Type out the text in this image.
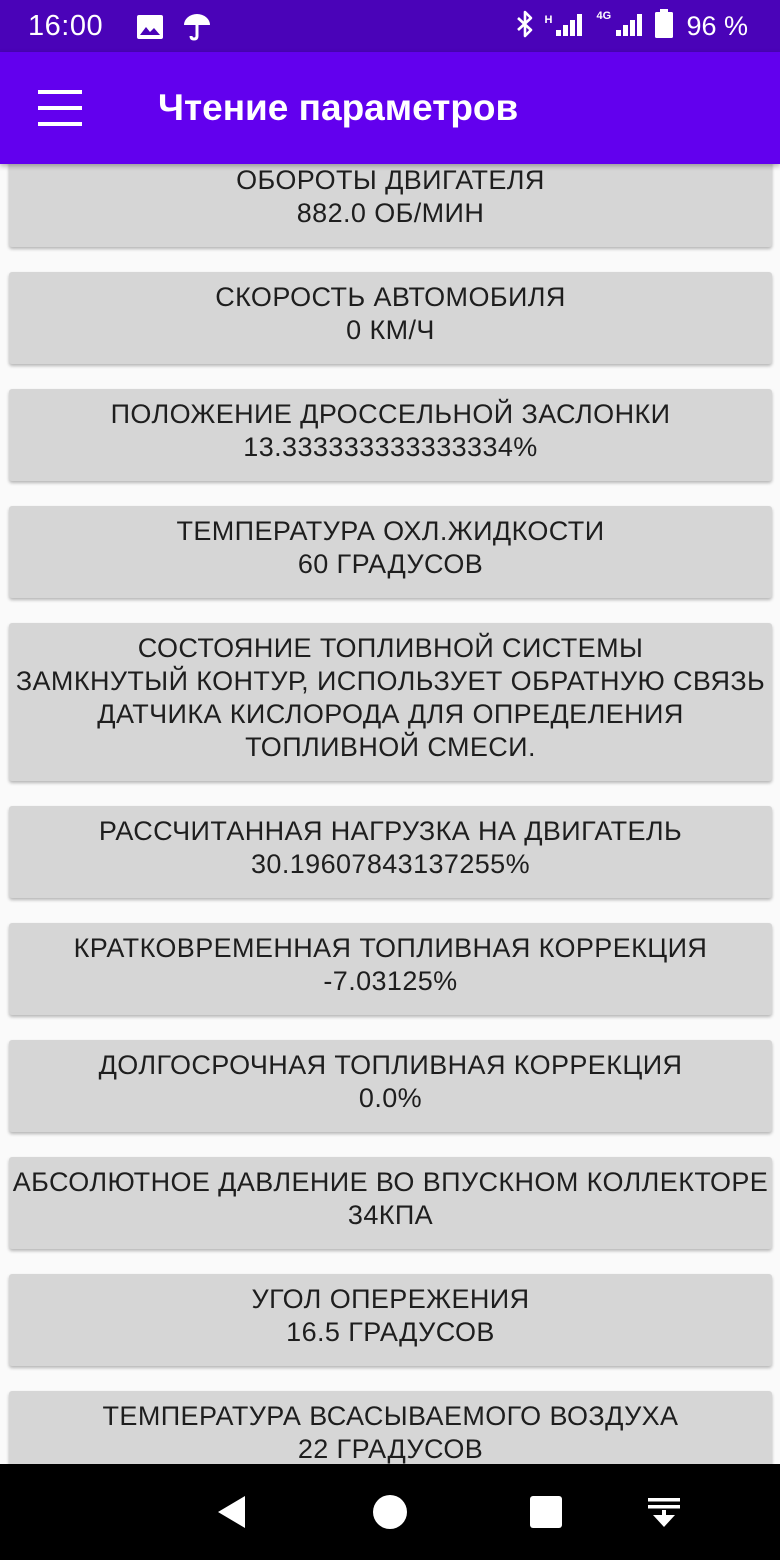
16:00	H	4G	96 %
Чтение параметров
ОБОРОТЫ ДВИГАТЕЛЯ
882.0 ОБ/МИН
СКОРОСТЬ АВТОМОБИЛЯ
0 КМ/Ч
ПОЛОЖЕНИЕ ДРОССЕЛЬНОЙ ЗАСЛОНКИ
13.333333333333334%
ТЕМПЕРАТУРА ОХЛ.ЖИДКОСТИ
60 ГРАДУСОВ
СОСТОЯНИЕ ТОПЛИВНОЙ СИСТЕМЫ
ЗАМКНУТЫЙ КОНТУР, ИСПОЛЬЗУЕТ ОБРАТНУЮ СВЯЗЬ ДАТЧИКА КИСЛОРОДА ДЛЯ ОПРЕДЕЛЕНИЯ ТОПЛИВНОЙ СМЕСИ.
РАССЧИТАННАЯ НАГРУЗКА НА ДВИГАТЕЛЬ
30.19607843137255%
КРАТКОВРЕМЕННАЯ ТОПЛИВНАЯ КОРРЕКЦИЯ
-7.03125%
ДОЛГОСРОЧНАЯ ТОПЛИВНАЯ КОРРЕКЦИЯ
0.0%
АБСОЛЮТНОЕ ДАВЛЕНИЕ ВО ВПУСКНОМ КОЛЛЕКТОРЕ
34КПА
УГОЛ ОПЕРЕЖЕНИЯ
16.5 ГРАДУСОВ
ТЕМПЕРАТУРА ВСАСЫВАЕМОГО ВОЗДУХА
22 ГРАДУСОВ
